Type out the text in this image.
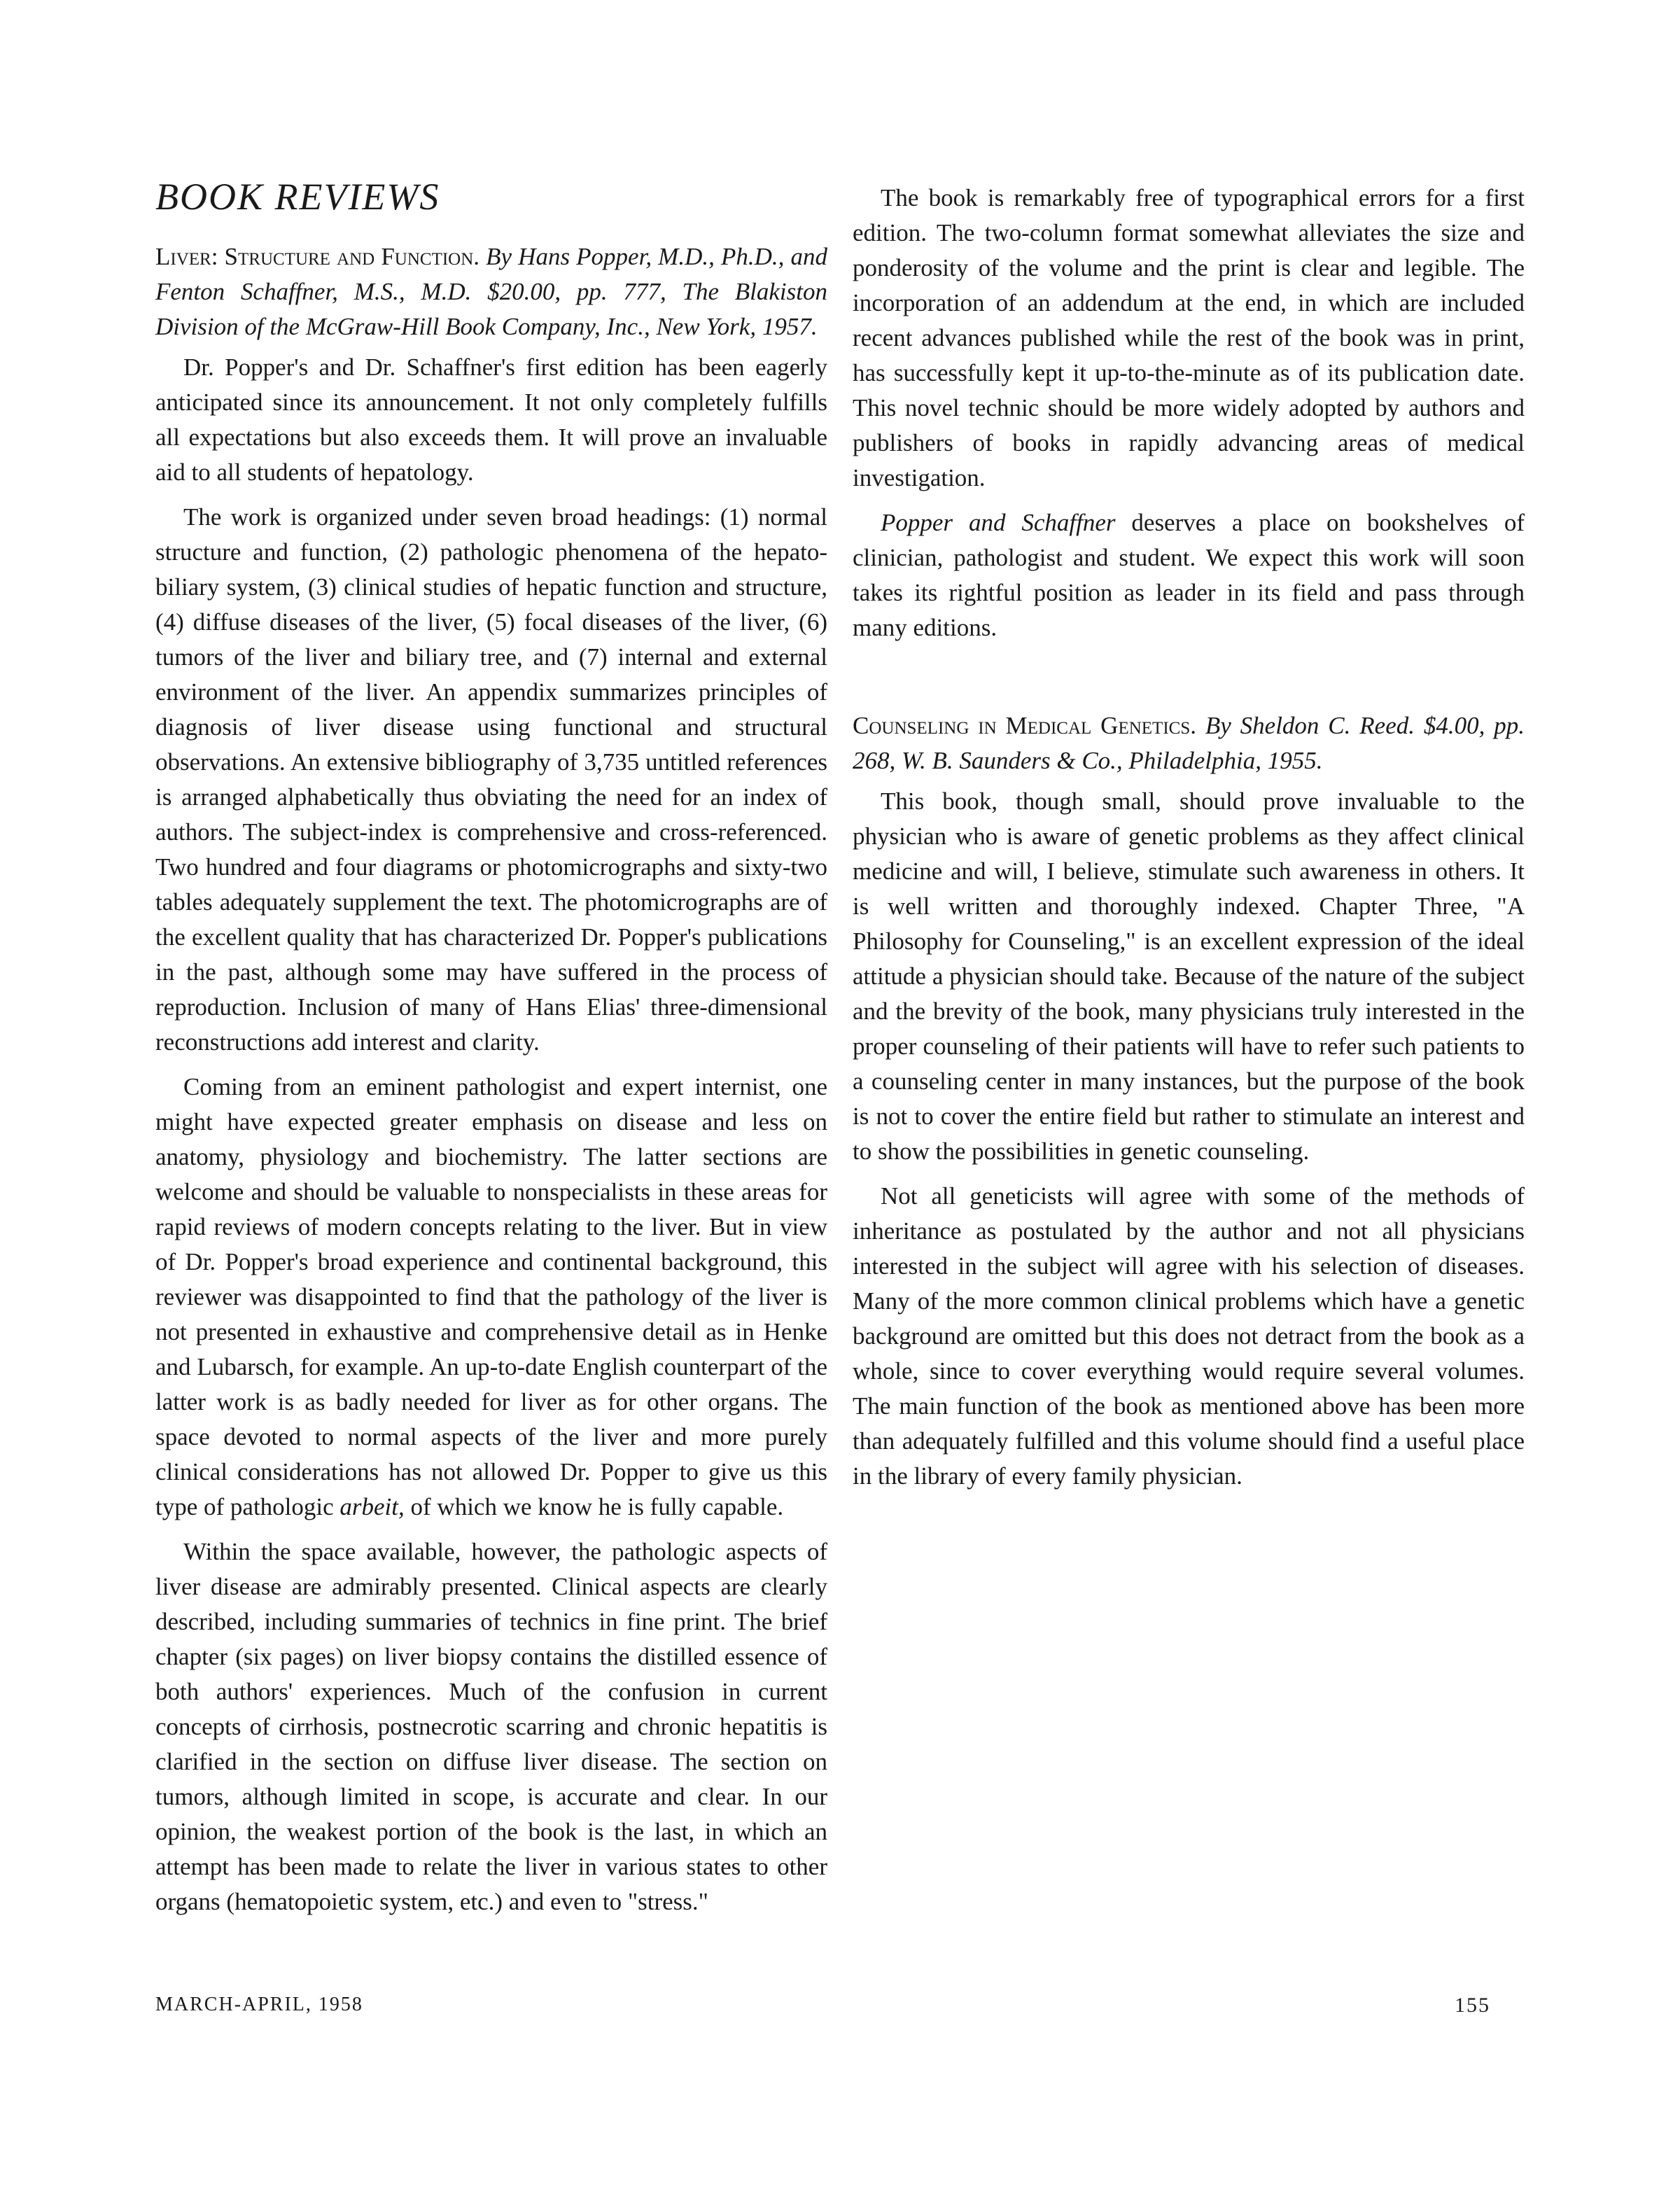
BOOK REVIEWS
Liver: Structure and Function. By Hans Popper, M.D., Ph.D., and Fenton Schaffner, M.S., M.D. $20.00, pp. 777, The Blakiston Division of the McGraw-Hill Book Company, Inc., New York, 1957.

Dr. Popper's and Dr. Schaffner's first edition has been eagerly anticipated since its announcement. It not only completely fulfills all expectations but also exceeds them. It will prove an invaluable aid to all students of hepatology.

The work is organized under seven broad headings: (1) normal structure and function, (2) pathologic phenomena of the hepato-biliary system, (3) clinical studies of hepatic function and structure, (4) diffuse diseases of the liver, (5) focal diseases of the liver, (6) tumors of the liver and biliary tree, and (7) internal and external environment of the liver. An appendix summarizes principles of diagnosis of liver disease using functional and structural observations. An extensive bibliography of 3,735 untitled references is arranged alphabetically thus obviating the need for an index of authors. The subject-index is comprehensive and cross-referenced. Two hundred and four diagrams or photomicrographs and sixty-two tables adequately supplement the text. The photomicrographs are of the excellent quality that has characterized Dr. Popper's publications in the past, although some may have suffered in the process of reproduction. Inclusion of many of Hans Elias' three-dimensional reconstructions add interest and clarity.

Coming from an eminent pathologist and expert internist, one might have expected greater emphasis on disease and less on anatomy, physiology and biochemistry. The latter sections are welcome and should be valuable to nonspecialists in these areas for rapid reviews of modern concepts relating to the liver. But in view of Dr. Popper's broad experience and continental background, this reviewer was disappointed to find that the pathology of the liver is not presented in exhaustive and comprehensive detail as in Henke and Lubarsch, for example. An up-to-date English counterpart of the latter work is as badly needed for liver as for other organs. The space devoted to normal aspects of the liver and more purely clinical considerations has not allowed Dr. Popper to give us this type of pathologic arbeit, of which we know he is fully capable.

Within the space available, however, the pathologic aspects of liver disease are admirably presented. Clinical aspects are clearly described, including summaries of technics in fine print. The brief chapter (six pages) on liver biopsy contains the distilled essence of both authors' experiences. Much of the confusion in current concepts of cirrhosis, postnecrotic scarring and chronic hepatitis is clarified in the section on diffuse liver disease. The section on tumors, although limited in scope, is accurate and clear. In our opinion, the weakest portion of the book is the last, in which an attempt has been made to relate the liver in various states to other organs (hematopoietic system, etc.) and even to "stress."

The book is remarkably free of typographical errors for a first edition. The two-column format somewhat alleviates the size and ponderosity of the volume and the print is clear and legible. The incorporation of an addendum at the end, in which are included recent advances published while the rest of the book was in print, has successfully kept it up-to-the-minute as of its publication date. This novel technic should be more widely adopted by authors and publishers of books in rapidly advancing areas of medical investigation.

Popper and Schaffner deserves a place on bookshelves of clinician, pathologist and student. We expect this work will soon takes its rightful position as leader in its field and pass through many editions.

Counseling in Medical Genetics. By Sheldon C. Reed. $4.00, pp. 268, W. B. Saunders & Co., Philadelphia, 1955.

This book, though small, should prove invaluable to the physician who is aware of genetic problems as they affect clinical medicine and will, I believe, stimulate such awareness in others. It is well written and thoroughly indexed. Chapter Three, "A Philosophy for Counseling," is an excellent expression of the ideal attitude a physician should take. Because of the nature of the subject and the brevity of the book, many physicians truly interested in the proper counseling of their patients will have to refer such patients to a counseling center in many instances, but the purpose of the book is not to cover the entire field but rather to stimulate an interest and to show the possibilities in genetic counseling.

Not all geneticists will agree with some of the methods of inheritance as postulated by the author and not all physicians interested in the subject will agree with his selection of diseases. Many of the more common clinical problems which have a genetic background are omitted but this does not detract from the book as a whole, since to cover everything would require several volumes. The main function of the book as mentioned above has been more than adequately fulfilled and this volume should find a useful place in the library of every family physician.

MARCH-APRIL, 1958	155
